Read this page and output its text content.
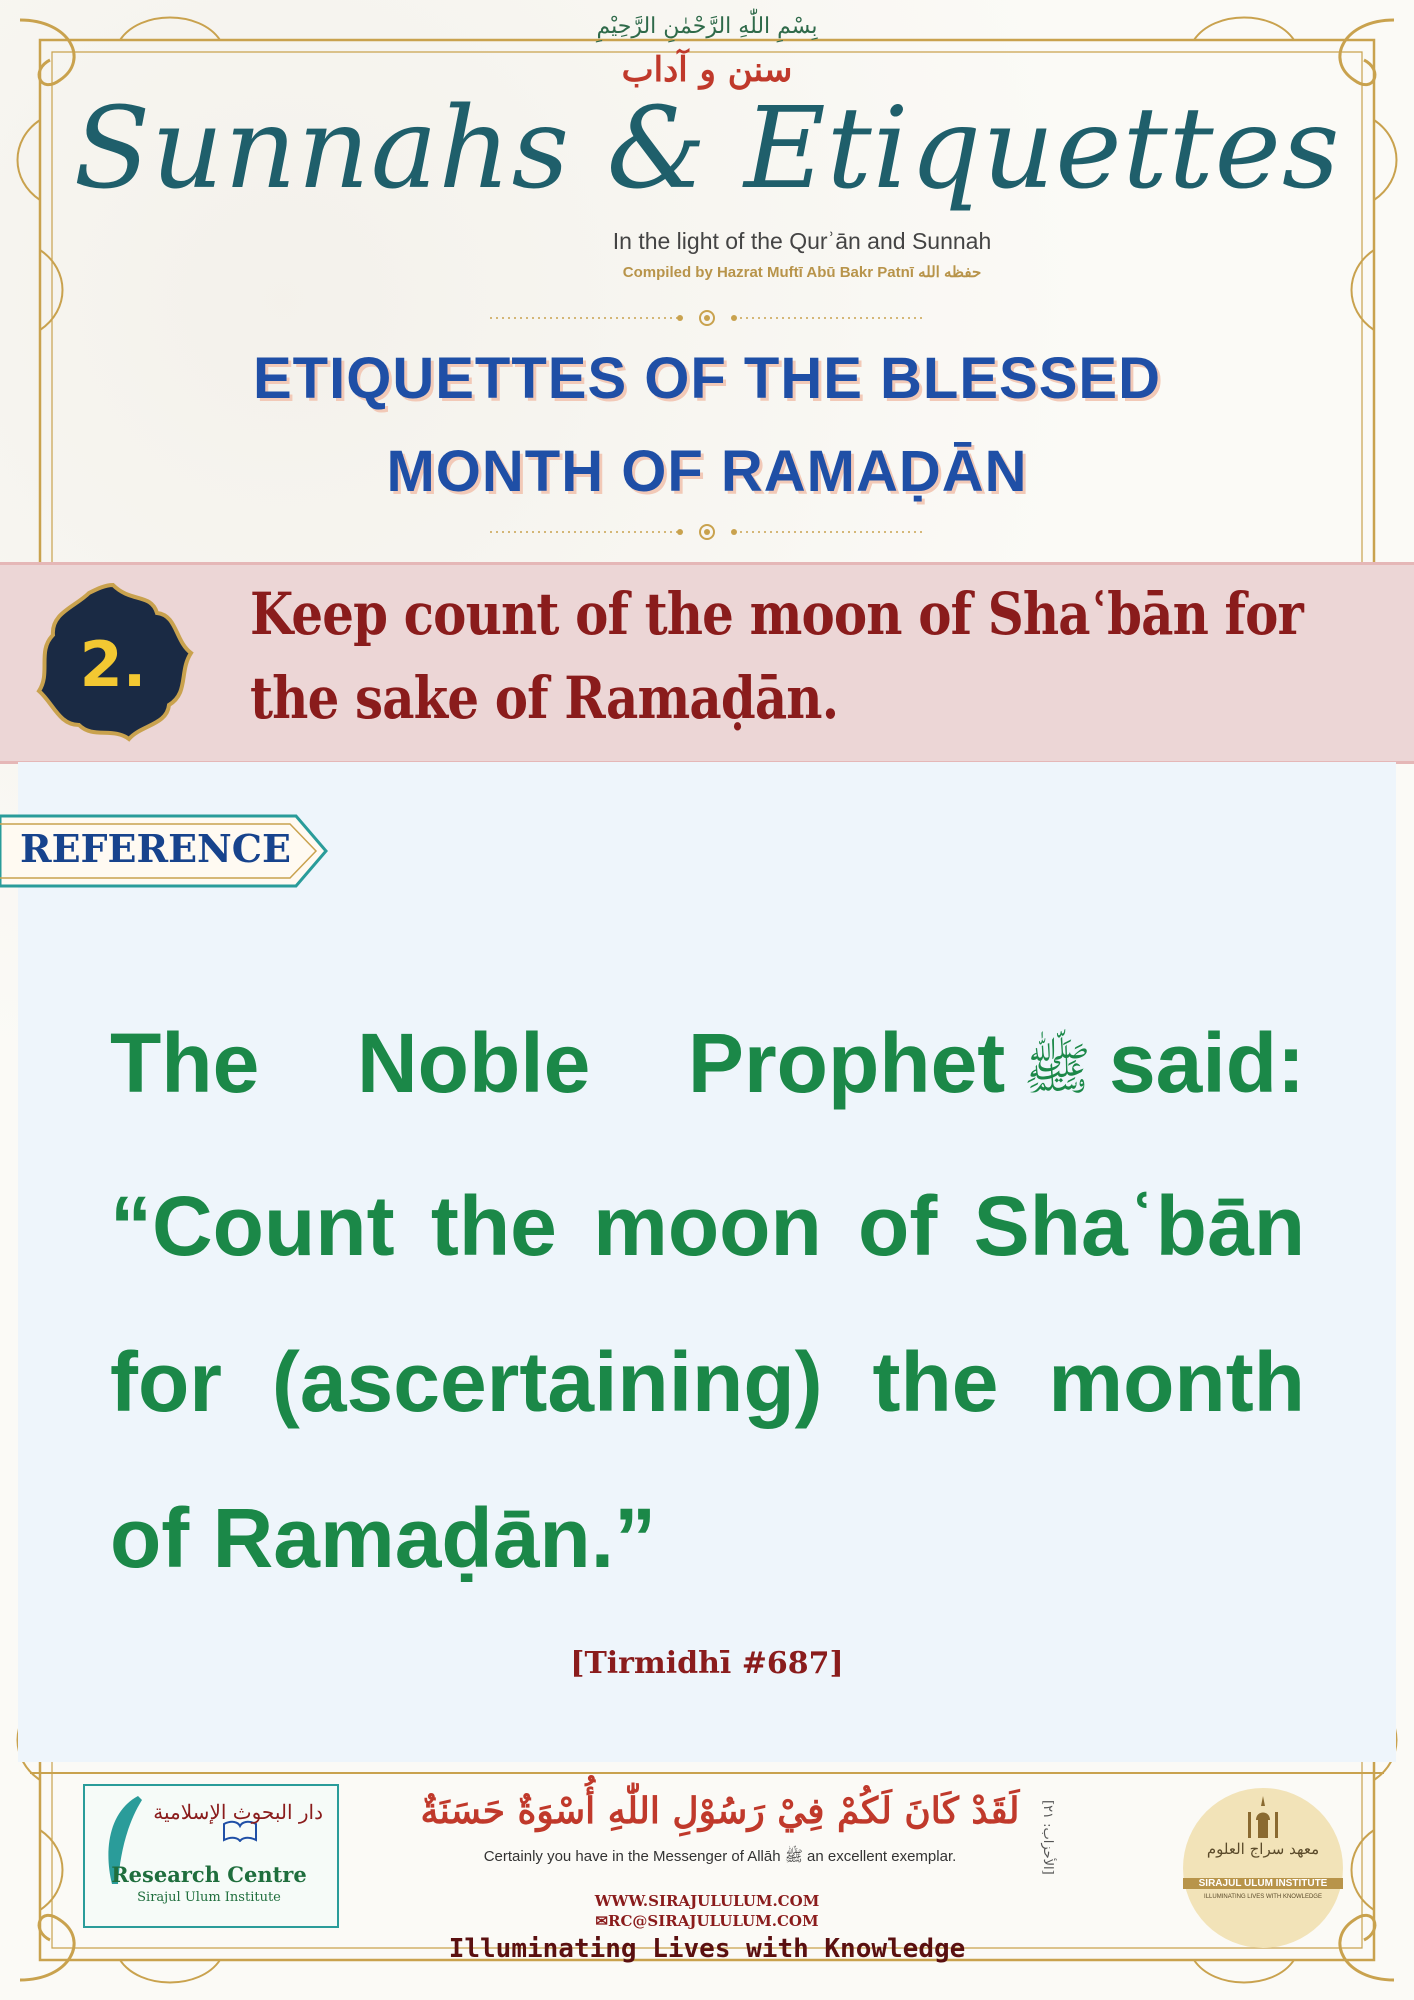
بِسْمِ اللّٰهِ الرَّحْمٰنِ الرَّحِيْمِ
سنن و آداب
Sunnahs & Etiquettes
In the light of the Qurʾān and Sunnah
Compiled by Hazrat Muftī Abū Bakr Patnī حفظه الله
ETIQUETTES OF THE BLESSED
MONTH OF RAMAḌĀN
2.
Keep count of the moon of Shaʿbān for the sake of Ramaḍān.
REFERENCE
The Noble Prophet ﷺ said: “Count the moon of Shaʿbān for (ascertaining) the month of Ramaḍān.”
[Tirmidhī #687]
دار البحوث الإسلامية
Research Centre
Sirajul Ulum Institute
لَقَدْ كَانَ لَكُمْ فِيْ رَسُوْلِ اللّٰهِ أُسْوَةٌ حَسَنَةٌ	[الأحزاب: ٢١]
Certainly you have in the Messenger of Allāh ﷺ an excellent exemplar.
WWW.SIRAJULULUM.COM
✉RC@SIRAJULULUM.COM
Illuminating Lives with Knowledge
معهد سراج العلوم
SIRAJUL ULUM INSTITUTE
ILLUMINATING LIVES WITH KNOWLEDGE
